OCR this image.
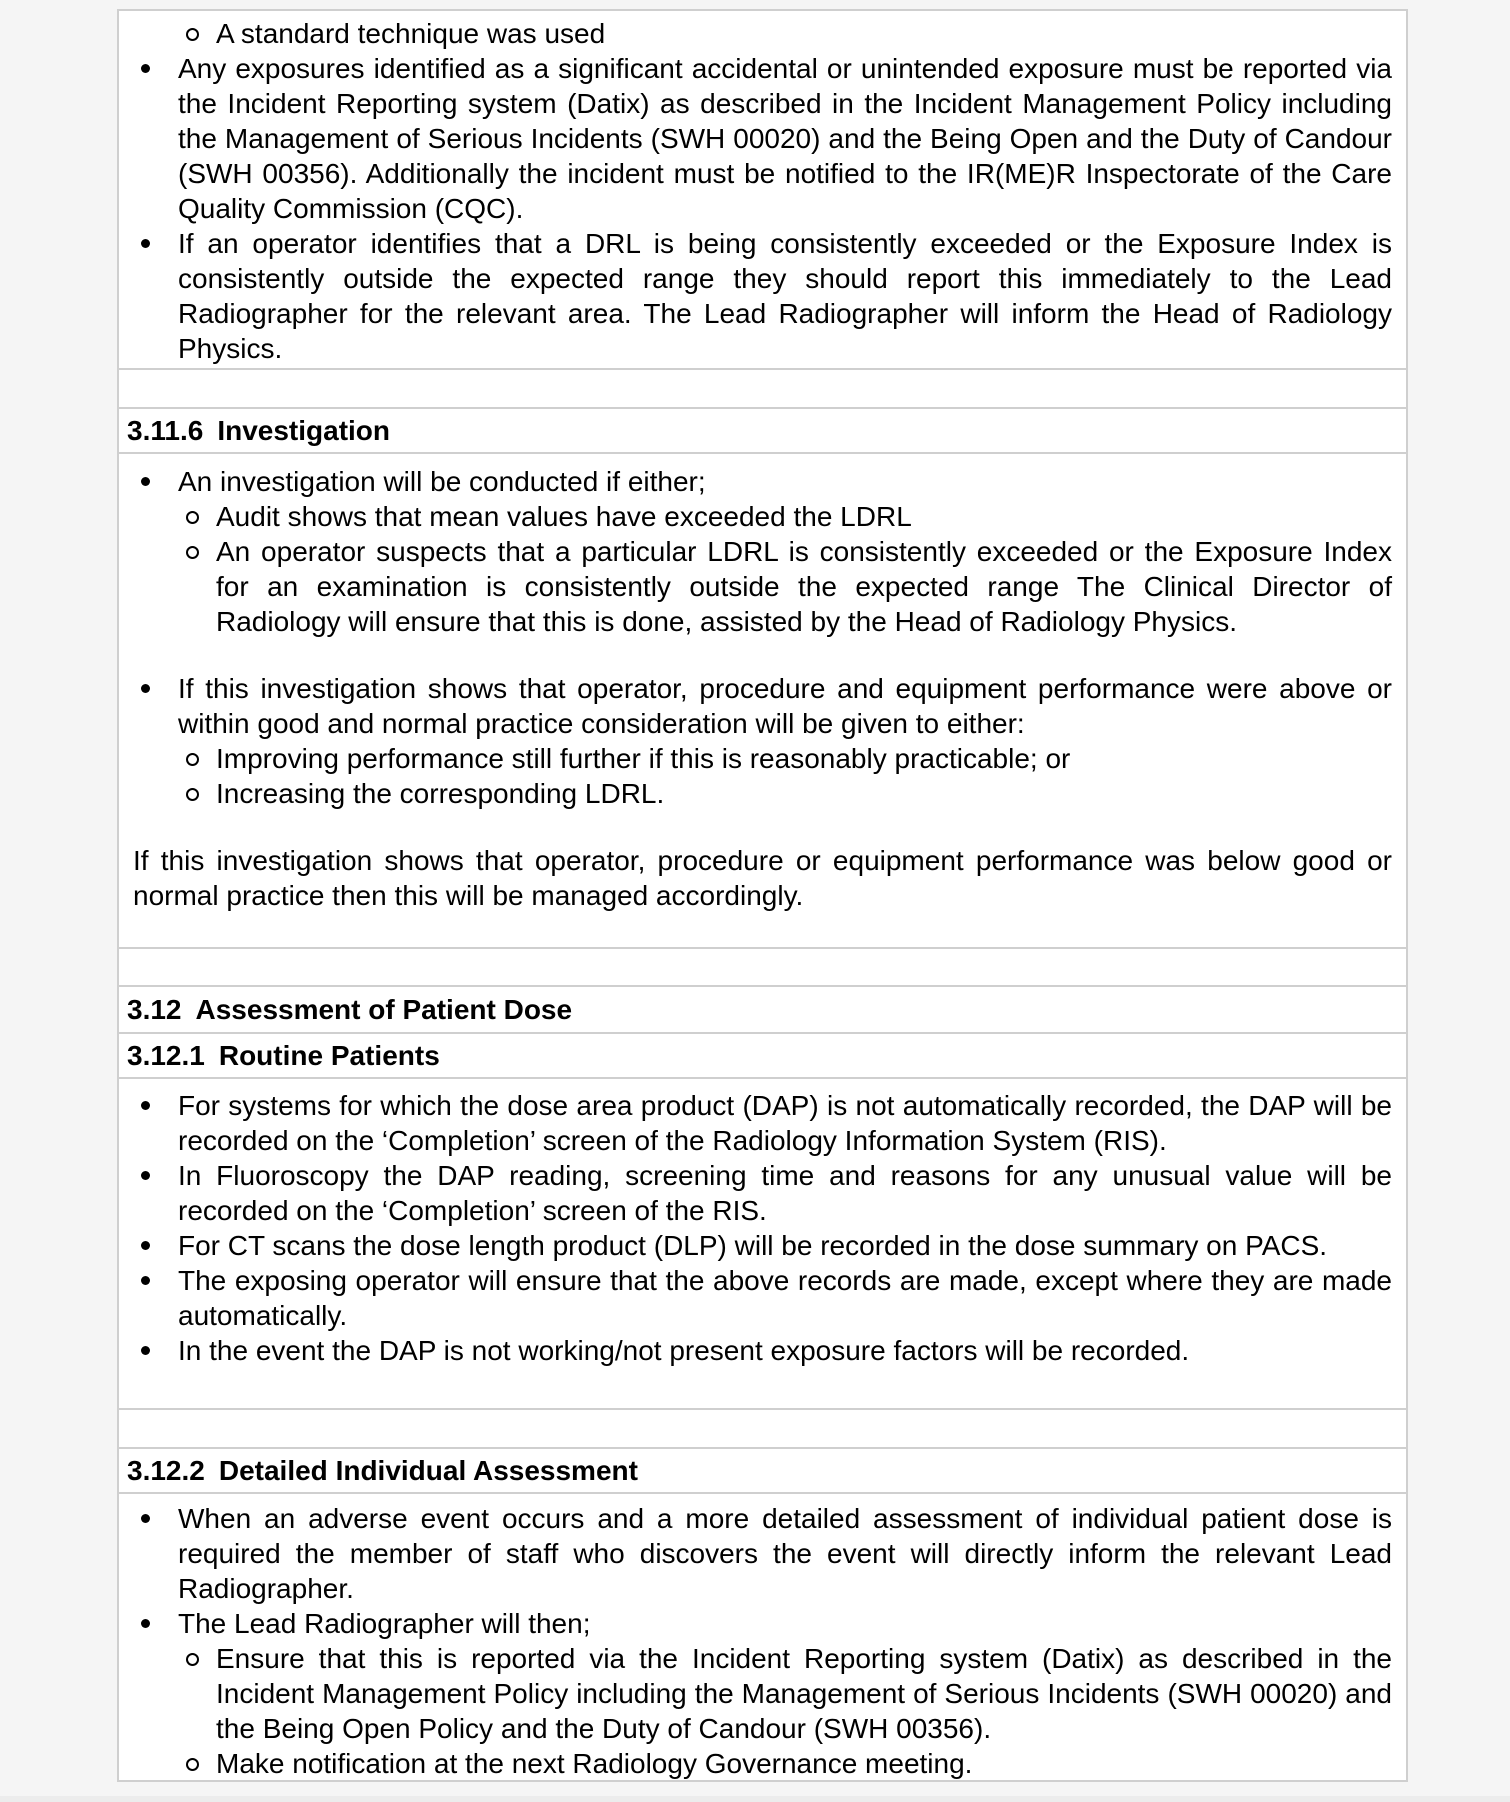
A standard technique was used
Any exposures identified as a significant accidental or unintended exposure must be reported via the Incident Reporting system (Datix) as described in the Incident Management Policy including the Management of Serious Incidents (SWH 00020) and the Being Open and the Duty of Candour (SWH 00356). Additionally the incident must be notified to the IR(ME)R Inspectorate of the Care Quality Commission (CQC).
If an operator identifies that a DRL is being consistently exceeded or the Exposure Index is consistently outside the expected range they should report this immediately to the Lead Radiographer for the relevant area. The Lead Radiographer will inform the Head of Radiology Physics.
3.11.6 Investigation
An investigation will be conducted if either;
Audit shows that mean values have exceeded the LDRL
An operator suspects that a particular LDRL is consistently exceeded or the Exposure Index for an examination is consistently outside the expected range The Clinical Director of Radiology will ensure that this is done, assisted by the Head of Radiology Physics.
If this investigation shows that operator, procedure and equipment performance were above or within good and normal practice consideration will be given to either:
Improving performance still further if this is reasonably practicable; or
Increasing the corresponding LDRL.
If this investigation shows that operator, procedure or equipment performance was below good or normal practice then this will be managed accordingly.
3.12 Assessment of Patient Dose
3.12.1 Routine Patients
For systems for which the dose area product (DAP) is not automatically recorded, the DAP will be recorded on the ‘Completion’ screen of the Radiology Information System (RIS).
In Fluoroscopy the DAP reading, screening time and reasons for any unusual value will be recorded on the ‘Completion’ screen of the RIS.
For CT scans the dose length product (DLP) will be recorded in the dose summary on PACS.
The exposing operator will ensure that the above records are made, except where they are made automatically.
In the event the DAP is not working/not present exposure factors will be recorded.
3.12.2 Detailed Individual Assessment
When an adverse event occurs and a more detailed assessment of individual patient dose is required the member of staff who discovers the event will directly inform the relevant Lead Radiographer.
The Lead Radiographer will then;
Ensure that this is reported via the Incident Reporting system (Datix) as described in the Incident Management Policy including the Management of Serious Incidents (SWH 00020) and the Being Open Policy and the Duty of Candour (SWH 00356).
Make notification at the next Radiology Governance meeting.
